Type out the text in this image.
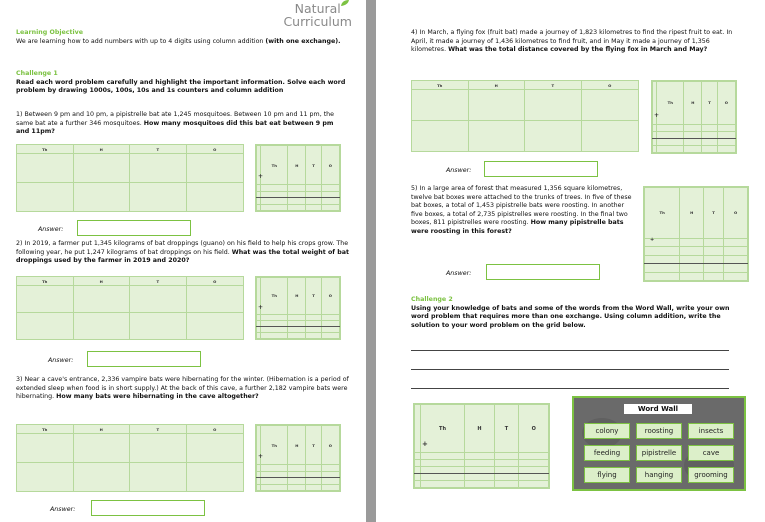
Natural
Curriculum
Learning Objective
We are learning how to add numbers with up to 4 digits using column addition (with one exchange).
Challenge 1
Read each word problem carefully and highlight the important information. Solve each word problem by drawing 1000s, 100s, 10s and 1s counters and column addition
1) Between 9 pm and 10 pm, a pipistrelle bat ate 1,245 mosquitoes. Between 10 pm and 11 pm, the same bat ate a further 346 mosquitoes. How many mosquitoes did this bat eat between 9 pm and 11pm?
Th	H	T	O
	Th	H	T	O

+
Answer:
2) In 2019, a farmer put 1,345 kilograms of bat droppings (guano) on his field to help his crops grow. The following year, he put 1,247 kilograms of bat droppings on his field. What was the total weight of bat droppings used by the farmer in 2019 and 2020?
Th	H	T	O
	Th	H	T	O

+
Answer:
3) Near a cave's entrance, 2,336 vampire bats were hibernating for the winter. (Hibernation is a period of extended sleep when food is in short supply.) At the back of this cave, a further 2,182 vampire bats were hibernating. How many bats were hibernating in the cave altogether?
Th	H	T	O
	Th	H	T	O

+
Answer:
4) In March, a flying fox (fruit bat) made a journey of 1,823 kilometres to find the ripest fruit to eat. In April, it made a journey of 1,436 kilometres to find fruit, and in May it made a journey of 1,356 kilometres. What was the total distance covered by the flying fox in March and May?
Th	H	T	O
	Th	H	T	O

+
Answer:
5) In a large area of forest that measured 1,356 square kilometres, twelve bat boxes were attached to the trunks of trees. In five of these bat boxes, a total of 1,453 pipistrelle bats were roosting. In another five boxes, a total of 2,735 pipistrelles were roosting. In the final two boxes, 811 pipistrelles were roosting. How many pipistrelle bats were roosting in this forest?
Th	H	T	O

+
Answer:
Challenge 2
Using your knowledge of bats and some of the words from the Word Wall, write your own word problem that requires more than one exchange. Using column addition, write the solution to your word problem on the grid below.
	Th	H	T	O

+
Word Wall
colony	roosting	insects
feeding	pipistrelle	cave
flying	hanging	grooming
